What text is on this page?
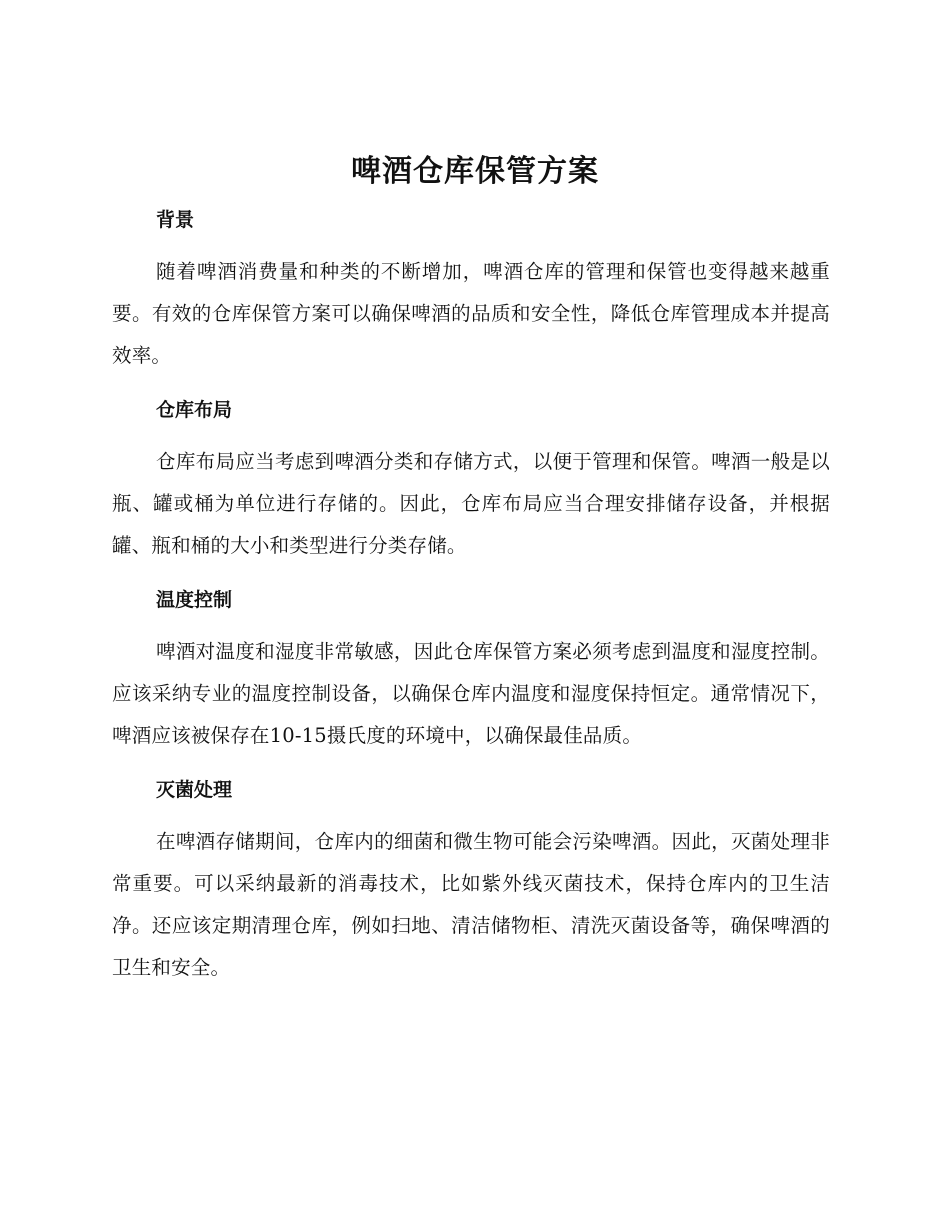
啤酒仓库保管方案
背景

随着啤酒消费量和种类的不断增加，啤酒仓库的管理和保管也变得越来越重要。有效的仓库保管方案可以确保啤酒的品质和安全性，降低仓库管理成本并提高效率。

仓库布局

仓库布局应当考虑到啤酒分类和存储方式，以便于管理和保管。啤酒一般是以瓶、罐或桶为单位进行存储的。因此，仓库布局应当合理安排储存设备，并根据罐、瓶和桶的大小和类型进行分类存储。

温度控制

啤酒对温度和湿度非常敏感，因此仓库保管方案必须考虑到温度和湿度控制。应该采纳专业的温度控制设备，以确保仓库内温度和湿度保持恒定。通常情况下，啤酒应该被保存在10-15摄氏度的环境中，以确保最佳品质。

灭菌处理

在啤酒存储期间，仓库内的细菌和微生物可能会污染啤酒。因此，灭菌处理非常重要。可以采纳最新的消毒技术，比如紫外线灭菌技术，保持仓库内的卫生洁净。还应该定期清理仓库，例如扫地、清洁储物柜、清洗灭菌设备等，确保啤酒的卫生和安全。
